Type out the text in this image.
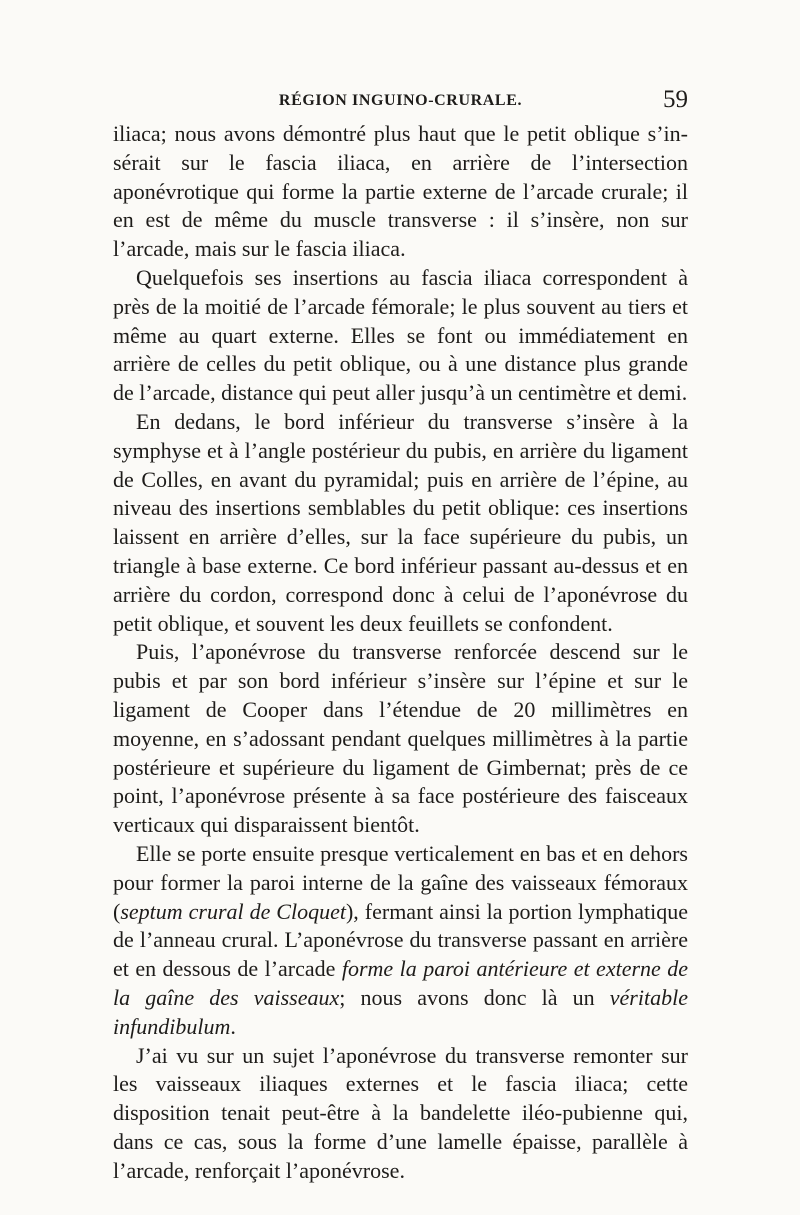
RÉGION INGUINO-CRURALE.	59

iliaca; nous avons démontré plus haut que le petit oblique s’in-sérait sur le fascia iliaca, en arrière de l’intersection aponévrotique qui forme la partie externe de l’arcade crurale; il en est de même du muscle transverse : il s’insère, non sur l’arcade, mais sur le fascia iliaca.

Quelquefois ses insertions au fascia iliaca correspondent à près de la moitié de l’arcade fémorale; le plus souvent au tiers et même au quart externe. Elles se font ou immédiatement en arrière de celles du petit oblique, ou à une distance plus grande de l’arcade, distance qui peut aller jusqu’à un centimètre et demi.

En dedans, le bord inférieur du transverse s’insère à la symphyse et à l’angle postérieur du pubis, en arrière du ligament de Colles, en avant du pyramidal; puis en arrière de l’épine, au niveau des insertions semblables du petit oblique: ces insertions laissent en arrière d’elles, sur la face supérieure du pubis, un triangle à base externe. Ce bord inférieur passant au-dessus et en arrière du cordon, correspond donc à celui de l’aponévrose du petit oblique, et souvent les deux feuillets se confondent.

Puis, l’aponévrose du transverse renforcée descend sur le pubis et par son bord inférieur s’insère sur l’épine et sur le ligament de Cooper dans l’étendue de 20 millimètres en moyenne, en s’adossant pendant quelques millimètres à la partie postérieure et supérieure du ligament de Gimbernat; près de ce point, l’aponévrose présente à sa face postérieure des faisceaux verticaux qui disparaissent bientôt.

Elle se porte ensuite presque verticalement en bas et en dehors pour former la paroi interne de la gaîne des vaisseaux fémoraux (septum crural de Cloquet), fermant ainsi la portion lymphatique de l’anneau crural. L’aponévrose du transverse passant en arrière et en dessous de l’arcade forme la paroi antérieure et externe de la gaîne des vaisseaux; nous avons donc là un véritable infundibulum.

J’ai vu sur un sujet l’aponévrose du transverse remonter sur les vaisseaux iliaques externes et le fascia iliaca; cette disposition tenait peut-être à la bandelette iléo-pubienne qui, dans ce cas, sous la forme d’une lamelle épaisse, parallèle à l’arcade, renforçait l’aponévrose.
